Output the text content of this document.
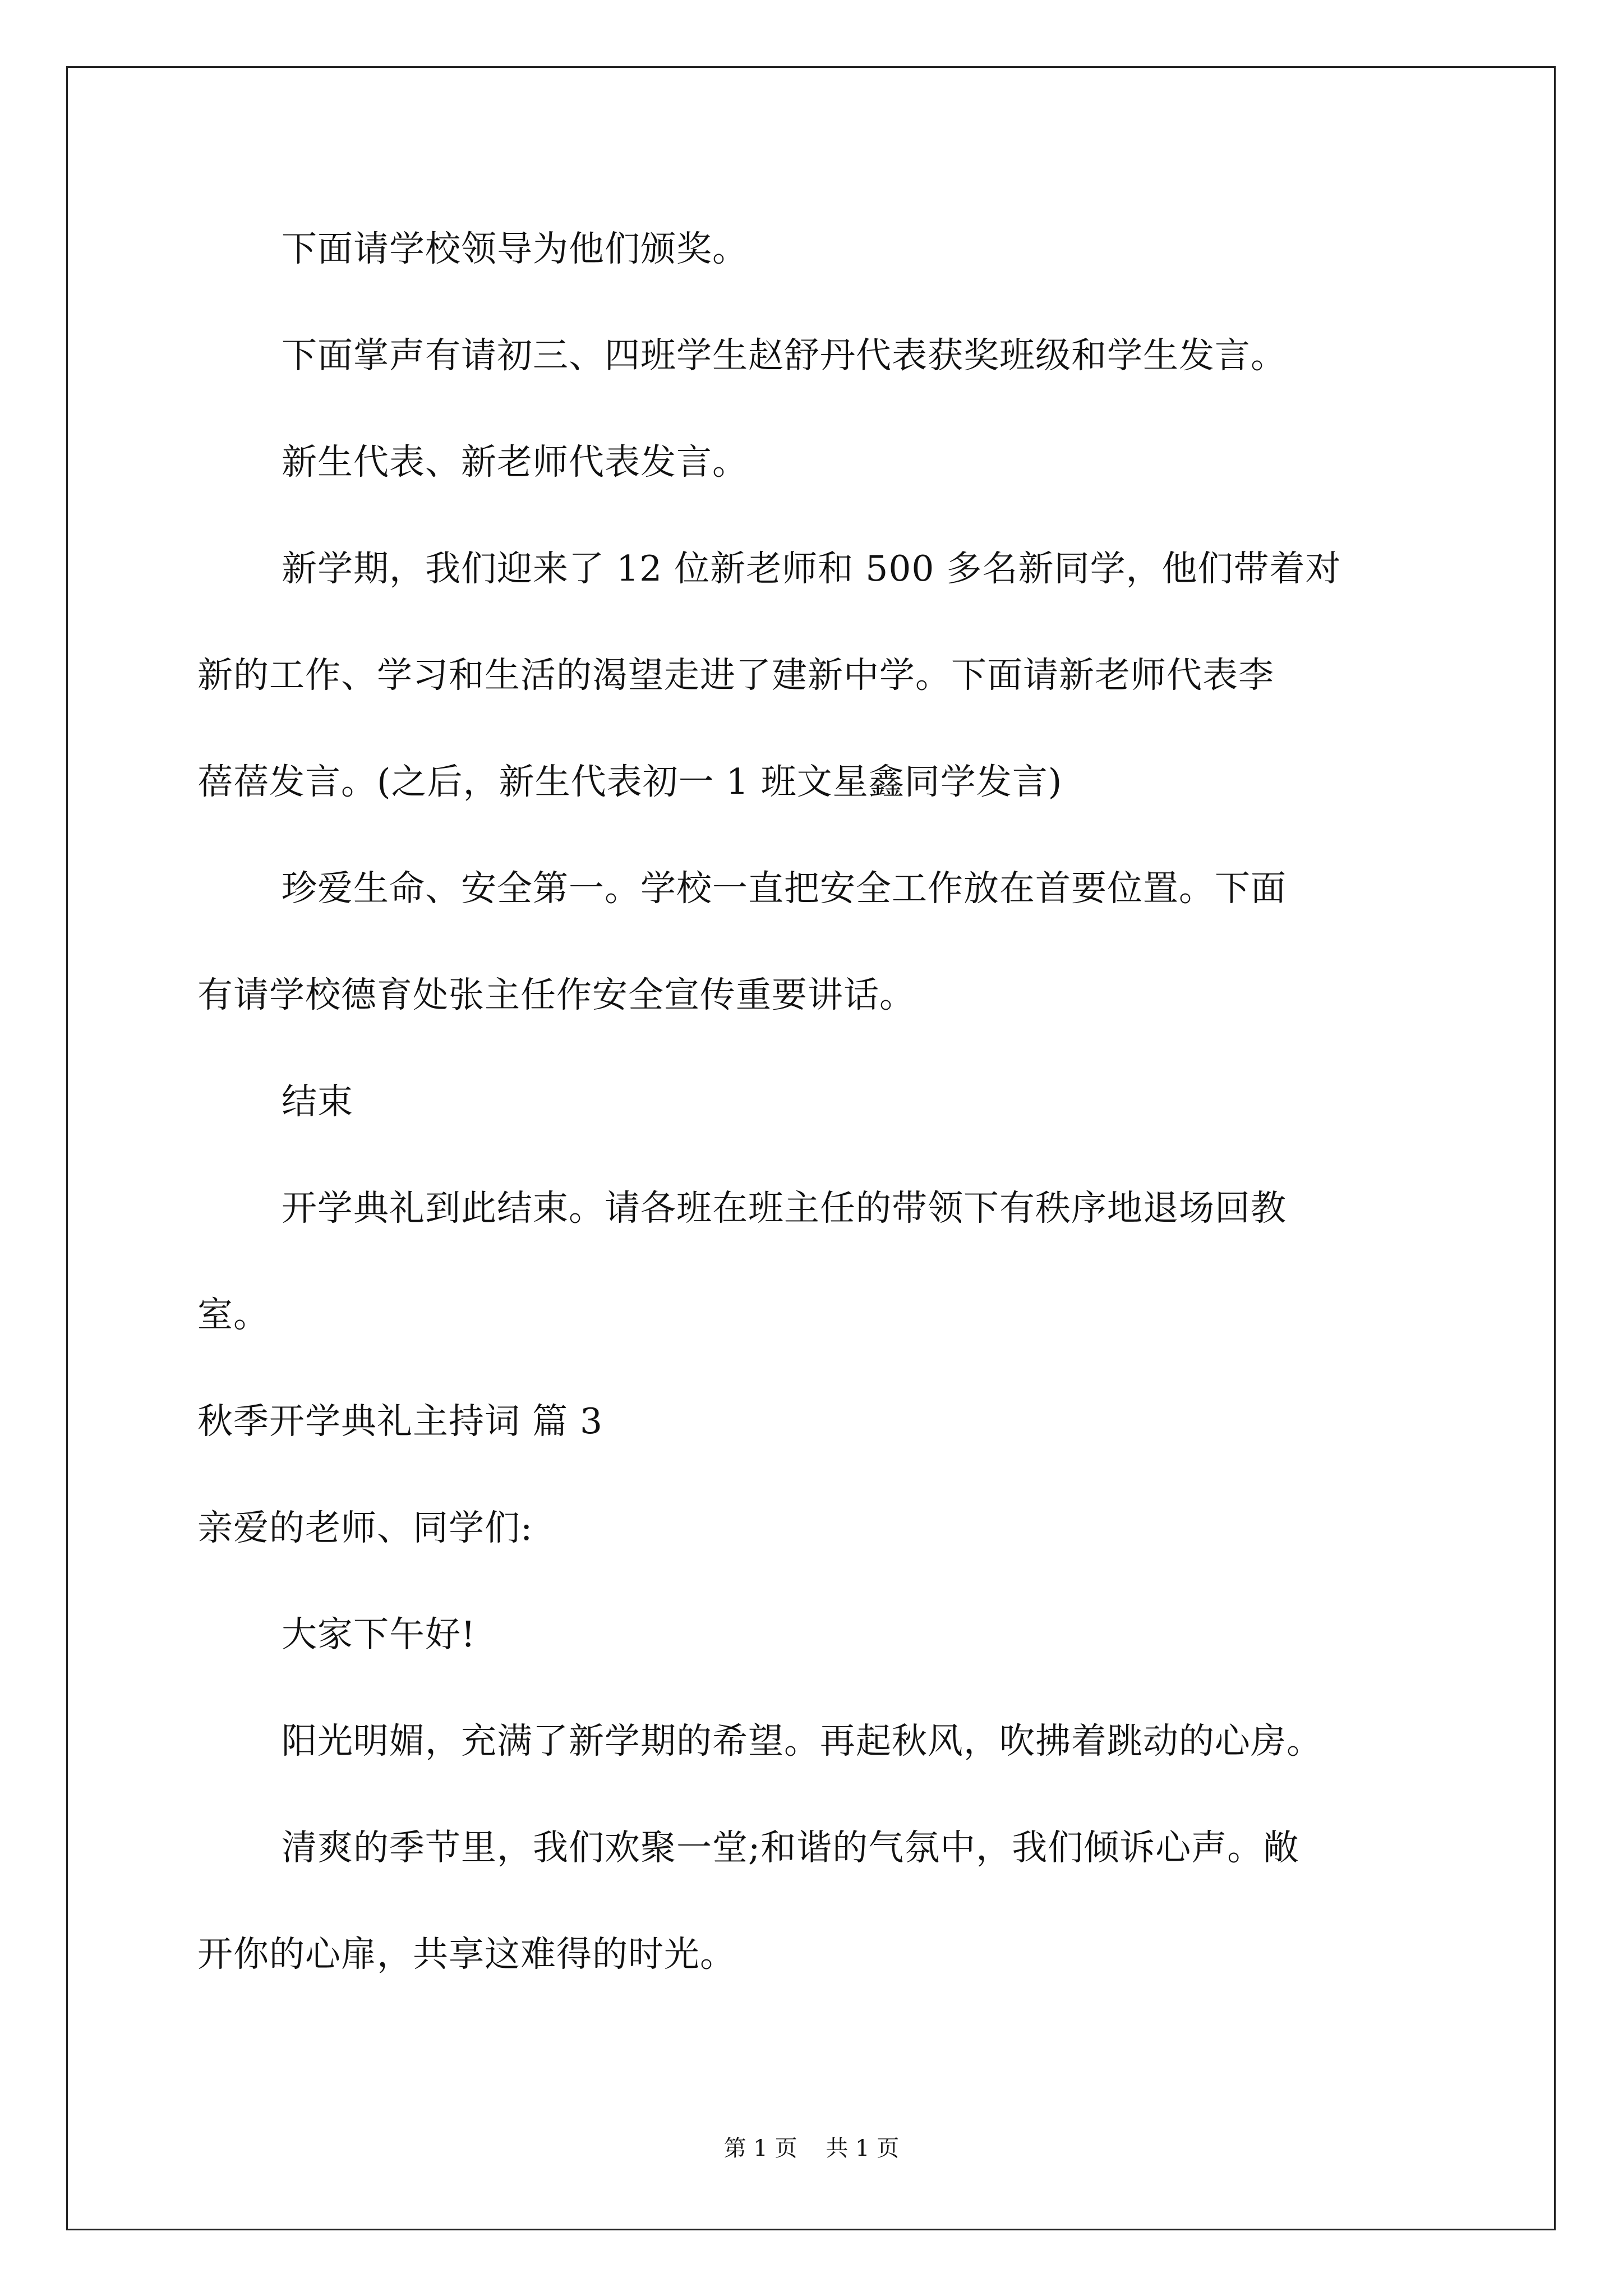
下面请学校领导为他们颁奖。
下面掌声有请初三、四班学生赵舒丹代表获奖班级和学生发言。
新生代表、新老师代表发言。
新学期，我们迎来了 12 位新老师和 500 多名新同学，他们带着对
新的工作、学习和生活的渴望走进了建新中学。下面请新老师代表李
蓓蓓发言。(之后，新生代表初一 1 班文星鑫同学发言)
珍爱生命、安全第一。学校一直把安全工作放在首要位置。下面
有请学校德育处张主任作安全宣传重要讲话。
结束
开学典礼到此结束。请各班在班主任的带领下有秩序地退场回教
室。
秋季开学典礼主持词 篇 3
亲爱的老师、同学们:
大家下午好!
阳光明媚，充满了新学期的希望。再起秋风，吹拂着跳动的心房。
清爽的季节里，我们欢聚一堂;和谐的气氛中，我们倾诉心声。敞
开你的心扉，共享这难得的时光。
第 1 页    共 1 页
